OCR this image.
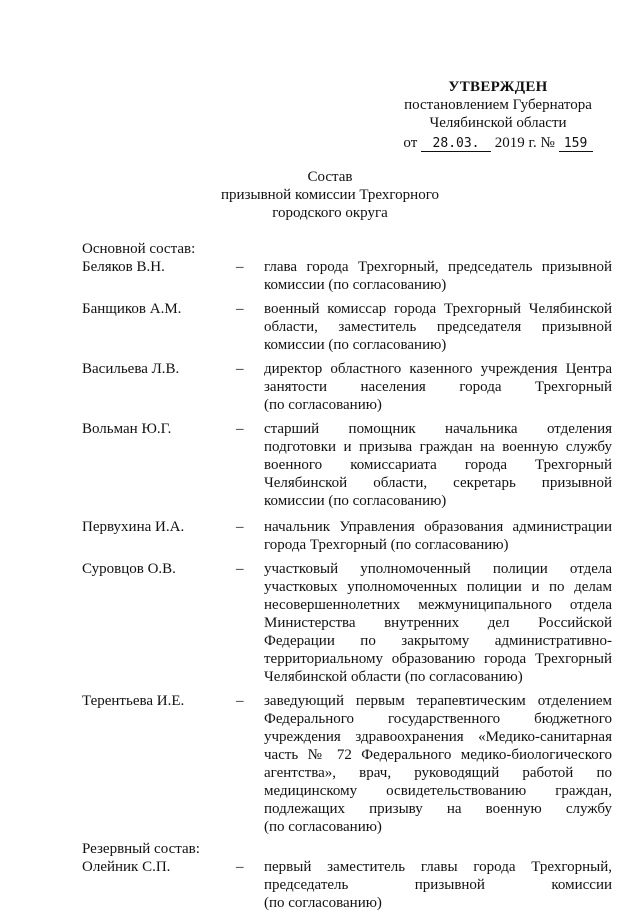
УТВЕРЖДЕН
постановлением Губернатора
Челябинской области
от 28.03. 2019 г. № 159
Состав
призывной комиссии Трехгорного
городского округа
Основной состав:
Беляков В.Н.	–	глава города Трехгорный, председатель призывной
комиссии (по согласованию)
Банщиков А.М.	–	военный комиссар города Трехгорный Челябинской
области, заместитель председателя призывной
комиссии (по согласованию)
Васильева Л.В.	–	директор областного казенного учреждения Центра
занятости населения города Трехгорный
(по согласованию)
Вольман Ю.Г.	–	старший помощник начальника отделения
подготовки и призыва граждан на военную службу
военного комиссариата города Трехгорный
Челябинской области, секретарь призывной
комиссии (по согласованию)
Первухина И.А.	–	начальник Управления образования администрации
города Трехгорный (по согласованию)
Суровцов О.В.	–	участковый уполномоченный полиции отдела
участковых уполномоченных полиции и по делам
несовершеннолетних межмуниципального отдела
Министерства внутренних дел Российской
Федерации по закрытому административно-
территориальному образованию города Трехгорный
Челябинской области (по согласованию)
Терентьева И.Е.	–	заведующий первым терапевтическим отделением
Федерального государственного бюджетного
учреждения здравоохранения «Медико-санитарная
часть № 72 Федерального медико-биологического
агентства», врач, руководящий работой по
медицинскому освидетельствованию граждан,
подлежащих призыву на военную службу
(по согласованию)
Резервный состав:
Олейник С.П.	–	первый заместитель главы города Трехгорный,
председатель призывной комиссии
(по согласованию)
